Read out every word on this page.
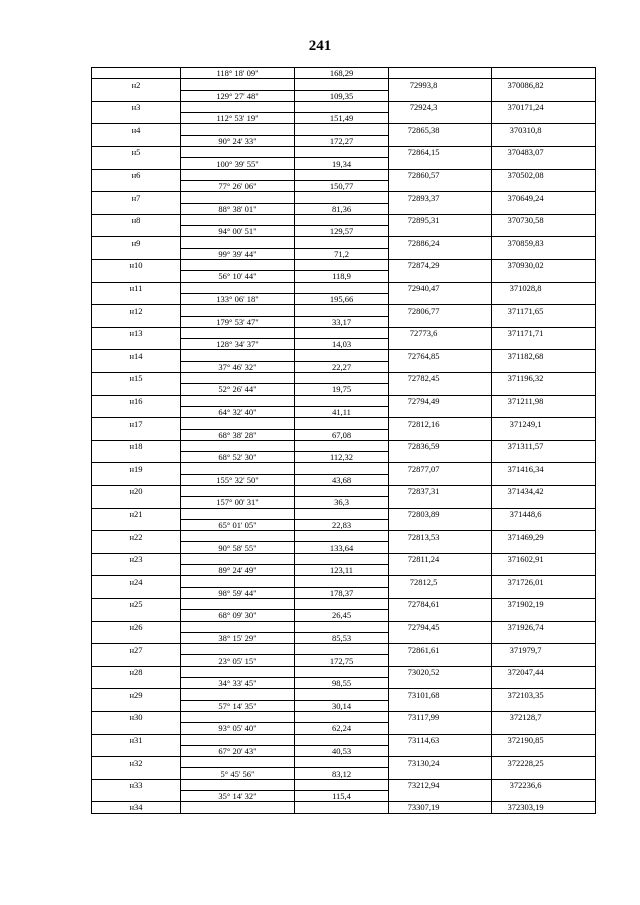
241
	118° 18' 09"	168,29		
н2			72993,8	370086,82
	129° 27' 48"	109,35		
н3			72924,3	370171,24
	112° 53' 19"	151,49		
н4			72865,38	370310,8
	90° 24' 33"	172,27		
н5			72864,15	370483,07
	100° 39' 55"	19,34		
н6			72860,57	370502,08
	77° 26' 06"	150,77		
н7			72893,37	370649,24
	88° 38' 01"	81,36		
н8			72895,31	370730,58
	94° 00' 51"	129,57		
н9			72886,24	370859,83
	99° 39' 44"	71,2		
н10			72874,29	370930,02
	56° 10' 44"	118,9		
н11			72940,47	371028,8
	133° 06' 18"	195,66		
н12			72806,77	371171,65
	179° 53' 47"	33,17		
н13			72773,6	371171,71
	128° 34' 37"	14,03		
н14			72764,85	371182,68
	37° 46' 32"	22,27		
н15			72782,45	371196,32
	52° 26' 44"	19,75		
н16			72794,49	371211,98
	64° 32' 40"	41,11		
н17			72812,16	371249,1
	68° 38' 28"	67,08		
н18			72836,59	371311,57
	68° 52' 30"	112,32		
н19			72877,07	371416,34
	155° 32' 50"	43,68		
н20			72837,31	371434,42
	157° 00' 31"	36,3		
н21			72803,89	371448,6
	65° 01' 05"	22,83		
н22			72813,53	371469,29
	90° 58' 55"	133,64		
н23			72811,24	371602,91
	89° 24' 49"	123,11		
н24			72812,5	371726,01
	98° 59' 44"	178,37		
н25			72784,61	371902,19
	68° 09' 30"	26,45		
н26			72794,45	371926,74
	38° 15' 29"	85,53		
н27			72861,61	371979,7
	23° 05' 15"	172,75		
н28			73020,52	372047,44
	34° 33' 45"	98,55		
н29			73101,68	372103,35
	57° 14' 35"	30,14		
н30			73117,99	372128,7
	93° 05' 40"	62,24		
н31			73114,63	372190,85
	67° 20' 43"	40,53		
н32			73130,24	372228,25
	5° 45' 56"	83,12		
н33			73212,94	372236,6
	35° 14' 32"	115,4		
н34			73307,19	372303,19
